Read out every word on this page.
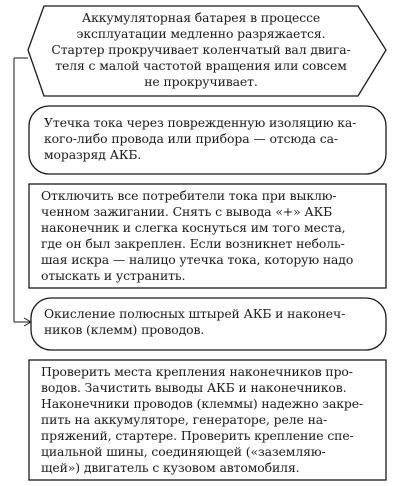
Аккумуляторная батарея в процессе
эксплуатации медленно разряжается.
Стартер прокручивает коленчатый вал двига-
теля с малой частотой вращения или совсем
не прокручивает.
Утечка тока через поврежденную изоляцию ка-
кого-либо провода или прибора — отсюда са-
моразряд АКБ.
Отключить все потребители тока при выклю-
ченном зажигании. Снять с вывода «+» АКБ
наконечник и слегка коснуться им того места,
где он был закреплен. Если возникнет неболь-
шая искра — налицо утечка тока, которую надо
отыскать и устранить.
Окисление полюсных штырей АКБ и наконеч-
ников (клемм) проводов.
Проверить места крепления наконечников про-
водов. Зачистить выводы АКБ и наконечников.
Наконечники проводов (клеммы) надежно закре-
пить на аккумуляторе, генераторе, реле на-
пряжений, стартере. Проверить крепление спе-
циальной шины, соединяющей («заземляю-
щей») двигатель с кузовом автомобиля.
